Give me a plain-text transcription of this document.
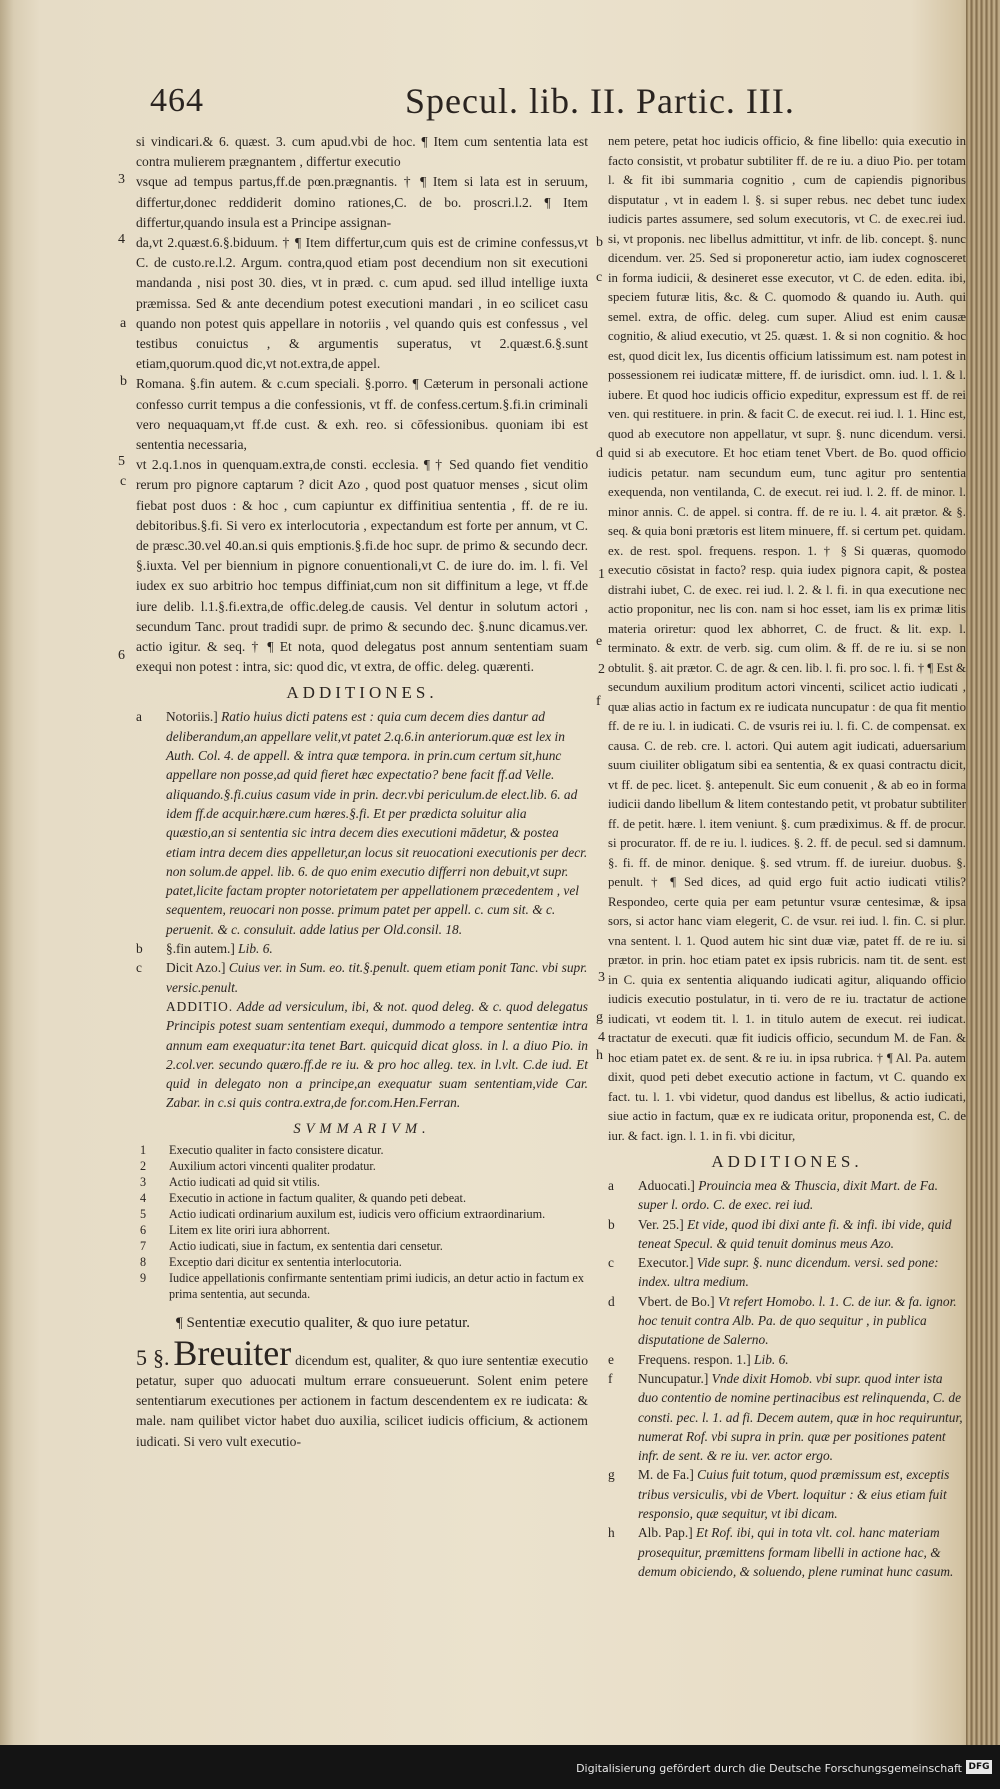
464	Specul. lib. II. Partic. III.
3
4
a
b
5
c
6
b
c
d
1
e
2
f
3
g
4
h

si vindicari.& 6. quæst. 3. cum apud.vbi de hoc. ¶ Item cum sententia lata est contra mulierem prægnantem , differtur executio

vsque ad tempus partus,ff.de pœn.prægnantis. † ¶ Item si lata est in seruum, differtur,donec reddiderit domino rationes,C. de bo. proscri.l.2. ¶ Item differtur,quando insula est a Principe assignan-

da,vt 2.quæst.6.§.biduum. † ¶ Item differtur,cum quis est de crimine confessus,vt C. de custo.re.l.2. Argum. contra,quod etiam post decendium non sit executioni mandanda , nisi post 30. dies, vt in præd. c. cum apud. sed illud intellige iuxta præmissa. Sed & ante decendium potest executioni mandari , in eo scilicet casu quando non potest quis appellare in notoriis , vel quando quis est confessus , vel testibus conuictus , & argumentis superatus, vt 2.quæst.6.§.sunt etiam,quorum.quod dic,vt not.extra,de appel.

Romana. §.fin autem. & c.cum speciali. §.porro. ¶ Cæterum in personali actione confesso currit tempus a die confessionis, vt ff. de confess.certum.§.fi.in criminali vero nequaquam,vt ff.de cust. & exh. reo. si cōfessionibus. quoniam ibi est sententia necessaria,

vt 2.q.1.nos in quenquam.extra,de consti. ecclesia. ¶ † Sed quando fiet venditio rerum pro pignore captarum ? dicit Azo , quod post quatuor menses , sicut olim fiebat post duos : & hoc , cum capiuntur ex diffinitiua sententia , ff. de re iu. debitoribus.§.fi. Si vero ex interlocutoria , expectandum est forte per annum, vt C. de præsc.30.vel 40.an.si quis emptionis.§.fi.de hoc supr. de primo & secundo decr. §.iuxta. Vel per biennium in pignore conuentionali,vt C. de iure do. im. l. fi. Vel iudex ex suo arbitrio hoc tempus diffiniat,cum non sit diffinitum a lege, vt ff.de iure delib. l.1.§.fi.extra,de offic.deleg.de causis. Vel dentur in solutum actori , secundum Tanc. prout tradidi supr. de primo & secundo dec. §.nunc dicamus.ver. actio igitur. & seq. † ¶ Et nota, quod delegatus post annum sententiam suam exequi non potest : intra, sic: quod dic, vt extra, de offic. deleg. quærenti.

ADDITIONES.

a Notoriis.] Ratio huius dicti patens est : quia cum decem dies dantur ad deliberandum,an appellare velit,vt patet 2.q.6.in anteriorum.quæ est lex in Auth. Col. 4. de appell. & intra quæ tempora. in prin.cum certum sit,hunc appellare non posse,ad quid fieret hæc expectatio? bene facit ff.ad Velle. aliquando.§.fi.cuius casum vide in prin. decr.vbi periculum.de elect.lib. 6. ad idem ff.de acquir.hære.cum hæres.§.fi. Et per prædicta soluitur alia quæstio,an si sententia sic intra decem dies executioni mādetur, & postea etiam intra decem dies appelletur,an locus sit reuocationi executionis per decr. non solum.de appel. lib. 6. de quo enim executio differri non debuit,vt supr. patet,licite factam propter notorietatem per appellationem præcedentem , vel sequentem, reuocari non posse. primum patet per appell. c. cum sit. & c. peruenit. & c. consuluit. adde latius per Old.consil. 18.

b §.fin autem.] Lib. 6.

c Dicit Azo.] Cuius ver. in Sum. eo. tit.§.penult. quem etiam ponit Tanc. vbi supr. versic.penult.

ADDITIO. Adde ad versiculum, ibi, & not. quod deleg. & c. quod delegatus Principis potest suam sententiam exequi, dummodo a tempore sententiæ intra annum eam exequatur:ita tenet Bart. quicquid dicat gloss. in l. a diuo Pio. in 2.col.ver. secundo quæro.ff.de re iu. & pro hoc alleg. tex. in l.vlt. C.de iud. Et quid in delegato non a principe,an exequatur suam sententiam,vide Car. Zabar. in c.si quis contra.extra,de for.com.Hen.Ferran.

SVMMARIVM.

1 Executio qualiter in facto consistere dicatur.

2 Auxilium actori vincenti qualiter prodatur.

3 Actio iudicati ad quid sit vtilis.

4 Executio in actione in factum qualiter, & quando peti debeat.

5 Actio iudicati ordinarium auxilum est, iudicis vero officium extraordinarium.

6 Litem ex lite oriri iura abhorrent.

7 Actio iudicati, siue in factum, ex sententia dari censetur.

8 Exceptio dari dicitur ex sententia interlocutoria.

9 Iudice appellationis confirmante sententiam primi iudicis, an detur actio in factum ex prima sententia, aut secunda.

¶ Sententiæ executio qualiter, & quo iure petatur.

5 §. Breuiter dicendum est, qualiter, & quo iure sententiæ executio petatur, super quo aduocati multum errare consueuerunt. Solent enim petere sententiarum executiones per actionem in factum descendentem ex re iudicata: & male. nam quilibet victor habet duo auxilia, scilicet iudicis officium, & actionem iudicati. Si vero vult executio-

nem petere, petat hoc iudicis officio, & fine libello: quia executio in facto consistit, vt probatur subtiliter ff. de re iu. a diuo Pio. per totam l. & fit ibi summaria cognitio , cum de capiendis pignoribus disputatur , vt in eadem l. §. si super rebus. nec debet tunc iudex iudicis partes assumere, sed solum executoris, vt C. de exec.rei iud. si, vt proponis. nec libellus admittitur, vt infr. de lib. concept. §. nunc dicendum. ver. 25. Sed si proponeretur actio, iam iudex cognosceret in forma iudicii, & desineret esse executor, vt C. de eden. edita. ibi, speciem futuræ litis, &c. & C. quomodo & quando iu. Auth. qui semel. extra, de offic. deleg. cum super. Aliud est enim causæ cognitio, & aliud executio, vt 25. quæst. 1. & si non cognitio. & hoc est, quod dicit lex, Ius dicentis officium latissimum est. nam potest in possessionem rei iudicatæ mittere, ff. de iurisdict. omn. iud. l. 1. & l. iubere. Et quod hoc iudicis officio expeditur, expressum est ff. de rei ven. qui restituere. in prin. & facit C. de execut. rei iud. l. 1. Hinc est, quod ab executore non appellatur, vt supr. §. nunc dicendum. versi. quid si ab executore. Et hoc etiam tenet Vbert. de Bo. quod officio iudicis petatur. nam secundum eum, tunc agitur pro sententia exequenda, non ventilanda, C. de execut. rei iud. l. 2. ff. de minor. l. minor annis. C. de appel. si contra. ff. de re iu. l. 4. ait prætor. & §. seq. & quia boni prætoris est litem minuere, ff. si certum pet. quidam. ex. de rest. spol. frequens. respon. 1. † § Si quæras, quomodo executio cōsistat in facto? resp. quia iudex pignora capit, & postea distrahi iubet, C. de exec. rei iud. l. 2. & l. fi. in qua executione nec actio proponitur, nec lis con. nam si hoc esset, iam lis ex primæ litis materia oriretur: quod lex abhorret, C. de fruct. & lit. exp. l. terminato. & extr. de verb. sig. cum olim. & ff. de re iu. si se non obtulit. §. ait prætor. C. de agr. & cen. lib. l. fi. pro soc. l. fi. † ¶ Est & secundum auxilium proditum actori vincenti, scilicet actio iudicati , quæ alias actio in factum ex re iudicata nuncupatur : de qua fit mentio ff. de re iu. l. in iudicati. C. de vsuris rei iu. l. fi. C. de compensat. ex causa. C. de reb. cre. l. actori. Qui autem agit iudicati, aduersarium suum ciuiliter obligatum sibi ea sententia, & ex quasi contractu dicit, vt ff. de pec. licet. §. antepenult. Sic eum conuenit , & ab eo in forma iudicii dando libellum & litem contestando petit, vt probatur subtiliter ff. de petit. hære. l. item veniunt. §. cum prædiximus. & ff. de procur. si procurator. ff. de re iu. l. iudices. §. 2. ff. de pecul. sed si damnum. §. fi. ff. de minor. denique. §. sed vtrum. ff. de iureiur. duobus. §. penult. † ¶ Sed dices, ad quid ergo fuit actio iudicati vtilis? Respondeo, certe quia per eam petuntur vsuræ centesimæ, & ipsa sors, si actor hanc viam elegerit, C. de vsur. rei iud. l. fin. C. si plur. vna sentent. l. 1. Quod autem hic sint duæ viæ, patet ff. de re iu. si prætor. in prin. hoc etiam patet ex ipsis rubricis. nam tit. de sent. est in C. quia ex sententia aliquando iudicati agitur, aliquando officio iudicis executio postulatur, in ti. vero de re iu. tractatur de actione iudicati, vt eodem tit. l. 1. in titulo autem de execut. rei iudicat. tractatur de executi. quæ fit iudicis officio, secundum M. de Fan. & hoc etiam patet ex. de sent. & re iu. in ipsa rubrica. † ¶ Al. Pa. autem dixit, quod peti debet executio actione in factum, vt C. quando ex fact. tu. l. 1. vbi videtur, quod dandus est libellus, & actio iudicati, siue actio in factum, quæ ex re iudicata oritur, proponenda est, C. de iur. & fact. ign. l. 1. in fi. vbi dicitur,

ADDITIONES.

a Aduocati.] Prouincia mea & Thuscia, dixit Mart. de Fa. super l. ordo. C. de exec. rei iud.

b Ver. 25.] Et vide, quod ibi dixi ante fi. & infi. ibi vide, quid teneat Specul. & quid tenuit dominus meus Azo.

c Executor.] Vide supr. §. nunc dicendum. versi. sed pone: index. ultra medium.

d Vbert. de Bo.] Vt refert Homobo. l. 1. C. de iur. & fa. ignor. hoc tenuit contra Alb. Pa. de quo sequitur , in publica disputatione de Salerno.

e Frequens. respon. 1.] Lib. 6.

f Nuncupatur.] Vnde dixit Homob. vbi supr. quod inter ista duo contentio de nomine pertinacibus est relinquenda, C. de consti. pec. l. 1. ad fi. Decem autem, quæ in hoc requiruntur, numerat Rof. vbi supra in prin. quæ per positiones patent infr. de sent. & re iu. ver. actor ergo.

g M. de Fa.] Cuius fuit totum, quod præmissum est, exceptis tribus versiculis, vbi de Vbert. loquitur : & eius etiam fuit responsio, quæ sequitur, vt ibi dicam.

h Alb. Pap.] Et Rof. ibi, qui in tota vlt. col. hanc materiam prosequitur, præmittens formam libelli in actione hac, & demum obiciendo, & soluendo, plene ruminat hunc casum.

Digitalisierung gefördert durch die Deutsche Forschungsgemeinschaft DFG
